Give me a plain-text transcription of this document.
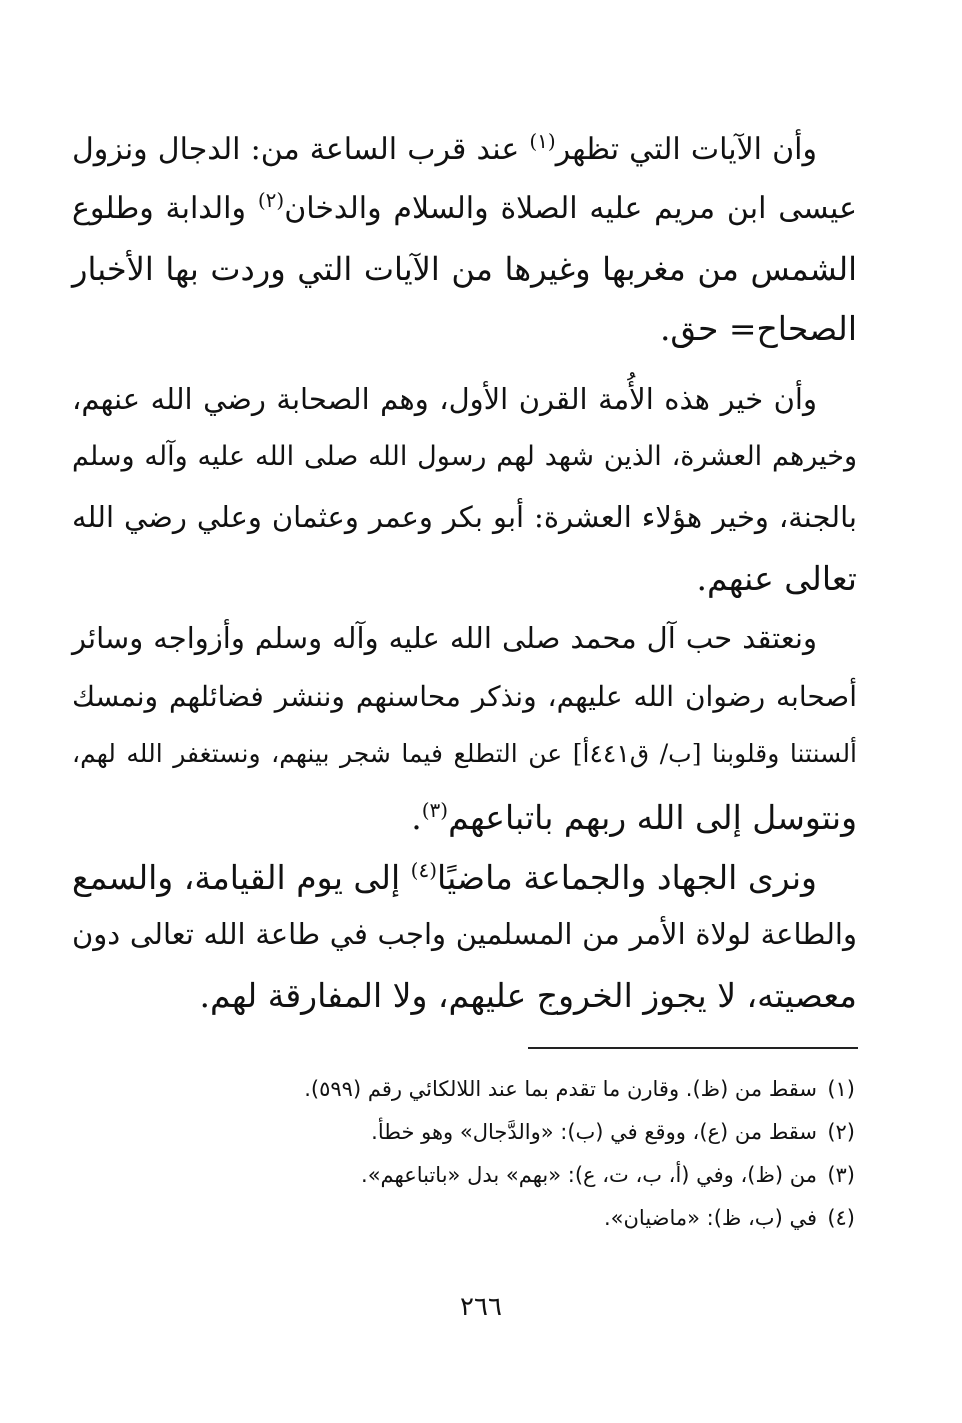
وأن الآيات التي تظهر$^{(١)}$ عند قرب الساعة من: الدجال ونزول
عيسى ابن مريم عليه الصلاة والسلام والدخان$^{(٢)}$ والدابة وطلوع
الشمس من مغربها وغيرها من الآيات التي وردت بها الأخبار
الصحاح= حق.
وأن خير هذه الأُمة القرن الأول، وهم الصحابة رضي الله عنهم،
وخيرهم العشرة، الذين شهد لهم رسول الله صلى الله عليه وآله وسلم
بالجنة، وخير هؤلاء العشرة: أبو بكر وعمر وعثمان وعلي رضي الله
تعالى عنهم.
ونعتقد حب آل محمد صلى الله عليه وآله وسلم وأزواجه وسائر
أصحابه رضوان الله عليهم، ونذكر محاسنهم وننشر فضائلهم ونمسك
ألسنتنا وقلوبنا [ب/ ق٤٤١أ] عن التطلع فيما شجر بينهم، ونستغفر الله لهم،
ونتوسل إلى الله ربهم باتباعهم$^{(٣)}$.
ونرى الجهاد والجماعة ماضيًا$^{(٤)}$ إلى يوم القيامة، والسمع
والطاعة لولاة الأمر من المسلمين واجب في طاعة الله تعالى دون
معصيته، لا يجوز الخروج عليهم، ولا المفارقة لهم.
(١)سقط من (ظ). وقارن ما تقدم بما عند اللالكائي رقم (٥٩٩).
(٢)سقط من (ع)، ووقع في (ب): «والدَّجال» وهو خطأ.
(٣)من (ظ)، وفي (أ، ب، ت، ع): «بهم» بدل «باتباعهم».
(٤)في (ب، ظ): «ماضيان».
٢٦٦
